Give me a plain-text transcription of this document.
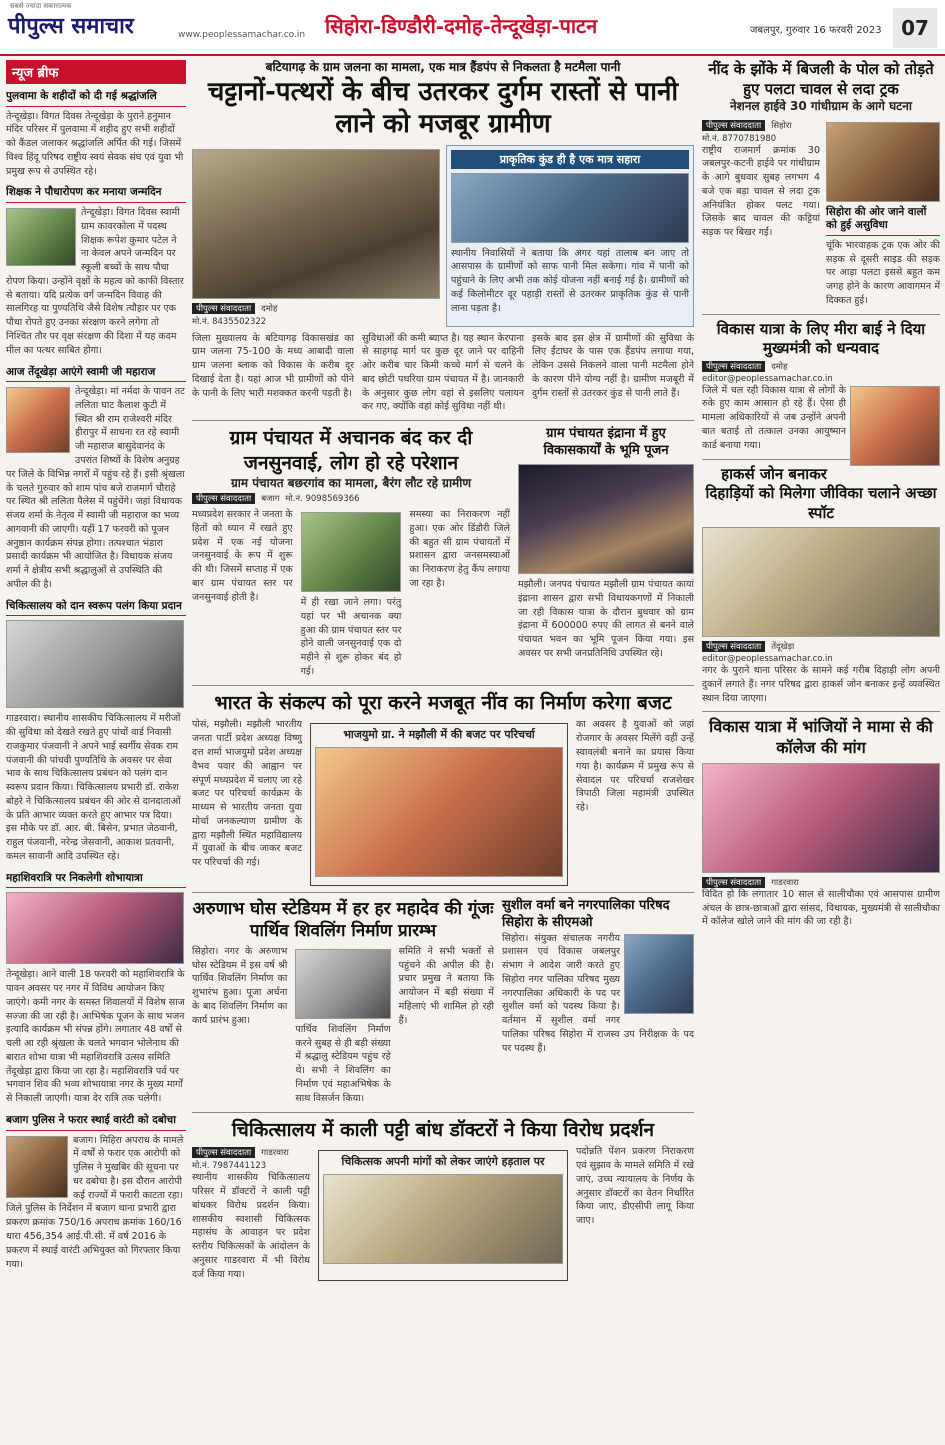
सबसे ज्यादा सकारात्मक
पीपुल्स समाचार	www.peoplessamachar.co.in सिहोरा-डिण्डौरी-दमोह-तेन्दूखेड़ा-पाटन	जबलपुर, गुरुवार 16 फरवरी 2023 07
न्यूज ब्रीफ
पुलवामा के शहीदों को दी गई श्रद्धांजलि
तेन्दूखेड़ा। विगत दिवस तेन्दूखेड़ा के पुराने हनुमान मंदिर परिसर में पुलवामा में शहीद हुए सभी शहीदों को कैंडल जलाकर श्रद्धांजलि अर्पित की गई। जिसमें विश्व हिंदू परिषद राष्ट्रीय स्वयं सेवक संघ एवं युवा भी प्रमुख रूप से उपस्थित रहे।
शिक्षक ने पौधारोपण कर मनाया जन्मदिन
तेन्दूखेड़ा। विगत दिवस स्वामी ग्राम कावरकोला में पदस्थ शिक्षक रूपेश कुमार पटेल ने ना केवल अपने जन्मदिन पर स्कूली बच्चों के साथ पौधा रोपण किया। उन्होंने वृक्षों के महत्व को काफी विस्तार से बताया। यदि प्रत्येक वर्ग जन्मदिन विवाह की सालगिरह या पुण्यतिथि जैसे विशेष त्यौहार पर एक पौधा रोपते हुए उनका संरक्षण करने लगेगा तो निश्चित तौर पर वृक्ष संरक्षण की दिशा में यह कदम मील का पत्थर साबित होगा।
आज तेंदूखेड़ा आएंगे स्वामी जी महाराज
तेन्दूखेड़ा। मां नर्मदा के पावन तट ललिता घाट कैलाश कुटी में स्थित श्री राम राजेश्वरी मंदिर हीरापुर में साधना रत रहे स्वामी जी महाराज बासुदेवानंद के उपरांत शिष्यों के विशेष अनुग्रह पर जिले के विभिन्न नगरों में पहुंच रहे हैं। इसी श्रृंखला के चलते गुरुवार को शाम पांच बजे राजमार्ग चौराहे पर स्थित श्री ललिता पैलेस में पहुंचेंगे। जहां विधायक संजय शर्मा के नेतृत्व में स्वामी जी महाराज का भव्य आगवानी की जाएगी। यहीं 17 फरवरी को पूजन अनुष्ठान कार्यक्रम संपन्न होगा। तत्पश्चात भंडारा प्रसादी कार्यक्रम भी आयोजित है। विधायक संजय शर्मा ने क्षेत्रीय सभी श्रद्धालुओं से उपस्थिति की अपील की है।
चिकित्सालय को दान स्वरूप पलंग किया प्रदान
गाडरवारा। स्थानीय शासकीय चिकित्सालय में मरीजों की सुविधा को देखते रखते हुए पांचों वार्ड निवासी राजकुमार पंजवानी ने अपने भाई स्वर्गीय सेवक राम पंजवानी की पांचवी पुण्यतिथि के अवसर पर सेवा भाव के साथ चिकित्सालय प्रबंधन को पलंग दान स्वरूप प्रदान किया। चिकित्सालय प्रभारी डॉ. राकेश बोहरे ने चिकित्सालय प्रबंधन की ओर से दानदाताओं के प्रति आभार व्यक्त करते हुए आभार पत्र दिया। इस मौके पर डॉ. आर. बी. बिसेन, प्रभात जेठवानी, राहुल पंजवानी, नरेन्द्र जेसवानी, आकाश प्रतवानी, कमल सावानी आदि उपस्थित रहे।
महाशिवरात्रि पर निकलेगी शोभायात्रा
तेन्दूखेड़ा। आने वाली 18 फरवरी को महाशिवरात्रि के पावन अवसर पर नगर में विविध आयोजन किए जाएंगे। कमी नगर के समस्त शिवालयों में विशेष साज सज्जा की जा रही है। आभिषेक पूजन के साथ भजन इत्यादि कार्यक्रम भी संपन्न होंगे। लगातार 48 वर्षों से चली आ रही श्रृंखला के चलते भगवान भोलेनाथ की बारात शोभा यात्रा भी महाशिवरात्रि उत्सव समिति तेंदूखेड़ा द्वारा किया जा रहा है। महाशिवरात्रि पर्व पर भगवान शिव की भव्य शोभायात्रा नगर के मुख्य मार्गों से निकाली जाएगी। यात्रा देर रात्रि तक चलेगी।
बजाग पुलिस ने फरार स्थाई वारंटी को दबोचा
बजाग। मिहिरा अपराध के मामले में वर्षों से फरार एक आरोपी को पुलिस ने मुखबिर की सूचना पर धर दबोचा है। इस दौरान आरोपी कई राज्यों में फरारी काटता रहा। जिले पुलिस के निर्देशन में बजाग थाना प्रभारी द्वारा प्रकरण क्रमांक 750/16 अपराध क्रमांक 160/16 धारा 456,354 आई.पी.सी. में वर्ष 2016 के प्रकरण में स्थाई वारंटी अभियुक्त को गिरफ्तार किया गया।
बटियागढ़ के ग्राम जलना का मामला, एक मात्र हैंडपंप से निकलता है मटमैला पानी
चट्टानों-पत्थरों के बीच उतरकर दुर्गम रास्तों से पानी लाने को मजबूर ग्रामीण
पीपुल्स संवाददाता	दमोह
मो.नं. 8435502322
प्राकृतिक कुंड ही है एक मात्र सहारा
स्थानीय निवासियों ने बताया कि अगर यहां तालाब बन जाए तो आसपास के ग्रामीणों को साफ पानी मिल सकेगा। गांव में पानी को पहुंचाने के लिए अभी तक कोई योजना नहीं बनाई गई है। ग्रामीणों को कई किलोमीटर दूर पहाड़ी रास्तों से उतरकर प्राकृतिक कुंड से पानी लाना पड़ता है।
जिला मुख्यालय के बटियागढ़ विकासखंड का ग्राम जलना 75-100 के मध्य आबादी वाला ग्राम जलना ब्लाक को विकास के करीब दूर दिखाई देता है। यहां आज भी ग्रामीणों को पीने के पानी के लिए भारी मशक्कत करनी पड़ती है।
सुविधाओं की कमी ब्याप्त है। यह स्थान केरपाना से साहगढ़ मार्ग पर कुछ दूर जाने पर दाहिनी ओर करीब चार किमी कच्चे मार्ग से चलने के बाद छोटी पथरिया ग्राम पंचायत में है। जानकारी के अनुसार कुछ लोग वहां से इसलिए पलायन कर गए, क्योंकि वहां कोई सुविधा नहीं थी।
इसके बाद इस क्षेत्र में ग्रामीणों की सुविधा के लिए ईंटाघर के पास एक हैंडपंप लगाया गया, लेकिन उससे निकलने वाला पानी मटमैला होने के कारण पीने योग्य नहीं है। ग्रामीण मजबूरी में दुर्गम रास्तों से उतरकर कुंड से पानी लाते हैं।
ग्राम पंचायत में अचानक बंद कर दी जनसुनवाई, लोग हो रहे परेशान
ग्राम पंचायत बछरगांव का मामला, बैरंग लौट रहे ग्रामीण
पीपुल्स संवाददाता	बजाग मो.नं. 9098569366
मध्यप्रदेश सरकार ने जनता के हितों को ध्यान में रखते हुए प्रदेश में एक नई योजना जनसुनवाई के रूप में शुरू की थी। जिसमें सप्ताह में एक बार ग्राम पंचायत स्तर पर जनसुनवाई होती है।	में ही रखा जाने लगा। परंतु यहां पर भी अचानक क्या हुआ की ग्राम पंचायत स्तर पर होने वाली जनसुनवाई एक दो महीने से शुरू होकर बंद हो गई।
समस्या का निराकरण नहीं हुआ। एक ओर डिंडौरी जिले की बहुत सी ग्राम पंचायतों में प्रशासन द्वारा जनसमस्याओं का निराकरण हेतु कैंप लगाया जा रहा है।
ग्राम पंचायत इंद्राना में हुए विकासकार्यों के भूमि पूजन
मझौली। जनपद पंचायत मझौली ग्राम पंचायत कायां इंद्राना शासन द्वारा सभी विधायकगणों में निकाली जा रही विकास यात्रा के दौरान बुधवार को ग्राम इंद्राना में 600000 रुपए की लागत से बनने वाले पंचायत भवन का भूमि पूजन किया गया। इस अवसर पर सभी जनप्रतिनिधि उपस्थित रहे।
भारत के संकल्प को पूरा करने मजबूत नींव का निर्माण करेगा बजट
पोसं, मझौली। मझौली भारतीय जनता पार्टी प्रदेश अध्यक्ष विष्णु दत्त शर्मा भाजयुमो प्रदेश अध्यक्ष वैभव पवार की आह्वान पर संपूर्ण मध्यप्रदेश में चलाए जा रहे बजट पर परिचर्चा कार्यक्रम के माध्यम से भारतीय जनता युवा मोर्चा जनकल्याण ग्रामीण के द्वारा मझौली स्थित महाविद्यालय में युवाओं के बीच जाकर बजट पर परिचर्चा की गई।
भाजयुमो ग्रा. ने मझौली में की बजट पर परिचर्चा
का अवसर है युवाओं को जहां रोजगार के अवसर मिलेंगे वहीं उन्हें स्वावलंबी बनाने का प्रयास किया गया है। कार्यक्रम में प्रमुख रूप से सेवादल पर परिचर्चा राजशेखर त्रिपाठी जिला महामंत्री उपस्थित रहे।
अरुणाभ घोस स्टेडियम में हर हर महादेव की गूंजः पार्थिव शिवलिंग निर्माण प्रारम्भ
सिहोरा। नगर के अरुणाभ घोस स्टेडियम में इस वर्ष श्री पार्थिव शिवलिंग निर्माण का शुभारंभ हुआ। पूजा अर्चना के बाद शिवलिंग निर्माण का कार्य प्रारंभ हुआ।
पार्थिव शिवलिंग निर्माण करने सुबह से ही बड़ी संख्या में श्रद्धालु स्टेडियम पहुंच रहे थे। सभी ने शिवलिंग का निर्माण एवं महाअभिषेक के साथ विसर्जन किया।
समिति ने सभी भक्तों से पहुंचने की अपील की है। प्रचार प्रमुख ने बताया कि आयोजन में बड़ी संख्या में महिलाएं भी शामिल हो रही हैं।
सुशील वर्मा बने नगरपालिका परिषद सिहोरा के सीएमओ
सिहोरा। संयुक्त संचालक नगरीय प्रशासन एवं विकास जबलपुर संभाग ने आदेश जारी करते हुए सिहोरा नगर पालिका परिषद मुख्य नगरपालिका अधिकारी के पद पर सुशील वर्मा को पदस्थ किया है। वर्तमान में सुशील वर्मा नगर पालिका परिषद सिहोरा में राजस्व उप निरीक्षक के पद पर पदस्थ हैं।
चिकित्सालय में काली पट्टी बांध डॉक्टरों ने किया विरोध प्रदर्शन
पीपुल्स संवाददाता	गाडरवारा
मो.नं. 7987441123
स्थानीय शासकीय चिकित्सालय परिसर में डॉक्टरों ने काली पट्टी बांधकर विरोध प्रदर्शन किया। शासकीय स्वशासी चिकित्सक महासंघ के आवाहन पर प्रदेश स्तरीय चिकित्सकों के आंदोलन के अनुसार गाडरवारा में भी विरोध दर्ज किया गया।
चिकित्सक अपनी मांगों को लेकर जाएंगे हड़ताल पर
पदोन्नति पेंशन प्रकरण निराकरण एवं सुझाव के मामले समिति में रखे जाएं, उच्च न्यायालय के निर्णय के अनुसार डॉक्टरों का वेतन निर्धारित किया जाए, डीएसीपी लागू किया जाए।
नींद के झोंके में बिजली के पोल को तोड़ते हुए पलटा चावल से लदा ट्रक
नेशनल हाईवे 30 गांधीग्राम के आगे घटना
पीपुल्स संवाददाता	सिहोरा
मो.नं. 8770781980
राष्ट्रीय राजमार्ग क्रमांक 30 जबलपुर-कटनी हाईवे पर गांधीग्राम के आगे बुधवार सुबह लगभग 4 बजे एक बड़ा चावल से लदा ट्रक अनियंत्रित होकर पलट गया। जिसके बाद चावल की कट्टियां सड़क पर बिखर गईं।
सिहोरा की ओर जाने वालों को हुई असुविधा
चूंकि भारवाहक ट्रक एक ओर की सड़क से दूसरी साइड की सड़क पर आड़ा पलटा इससे बहुत कम जगह होने के कारण आवागमन में दिक्कत हुई।
विकास यात्रा के लिए मीरा बाई ने दिया मुख्यमंत्री को धन्यवाद
पीपुल्स संवाददाता	दमोह
editor@peoplessamachar.co.in
जिले में चल रही विकास यात्रा से लोगों के रुके हुए काम आसान हो रहे हैं। ऐसा ही मामला अधिकारियों से जब उन्होंने अपनी बात बताई तो तत्काल उनका आयुष्मान कार्ड बनाया गया।
हाकर्स जोन बनाकर दिहाड़ियों को मिलेगा जीविका चलाने अच्छा स्पॉट
पीपुल्स संवाददाता	तेंदूखेड़ा
editor@peoplessamachar.co.in
नगर के पुराने थाना परिसर के सामने कई गरीब दिहाड़ी लोग अपनी दुकानें लगाते हैं। नगर परिषद द्वारा हाकर्स जोन बनाकर इन्हें व्यवस्थित स्थान दिया जाएगा।
विकास यात्रा में भांजियों ने मामा से की कॉलेज की मांग
पीपुल्स संवाददाता	गाडरवारा
विदित हो कि लगातार 10 साल से सालीचौका एवं आसपास ग्रामीण अंचल के छात्र-छात्राओं द्वारा सांसद, विधायक, मुख्यमंत्री से सालीचौका में कॉलेज खोले जाने की मांग की जा रही है।
